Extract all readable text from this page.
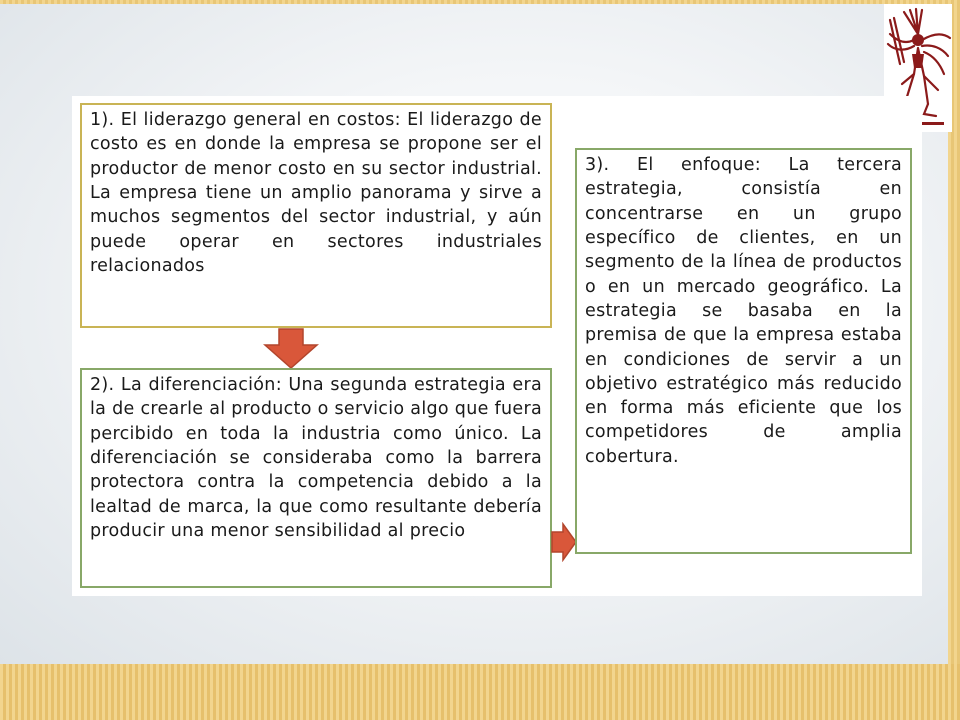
1). El liderazgo general en costos: El liderazgo de costo es en donde la empresa se propone ser el productor de menor costo en su sector industrial. La empresa tiene un amplio panorama y sirve a muchos segmentos del sector industrial, y aún puede operar en sectores industriales relacionados
2). La diferenciación: Una segunda estrategia era la de crearle al producto o servicio algo que fuera percibido en toda la industria como único. La diferenciación se consideraba como la barrera protectora contra la competencia debido a la lealtad de marca, la que como resultante debería producir una menor sensibilidad al precio
3). El enfoque: La tercera estrategia, consistía en concentrarse en un grupo específico de clientes, en un segmento de la línea de productos o en un mercado geográfico. La estrategia se basaba en la premisa de que la empresa estaba en condiciones de servir a un objetivo estratégico más reducido en forma más eficiente que los competidores de amplia cobertura.
